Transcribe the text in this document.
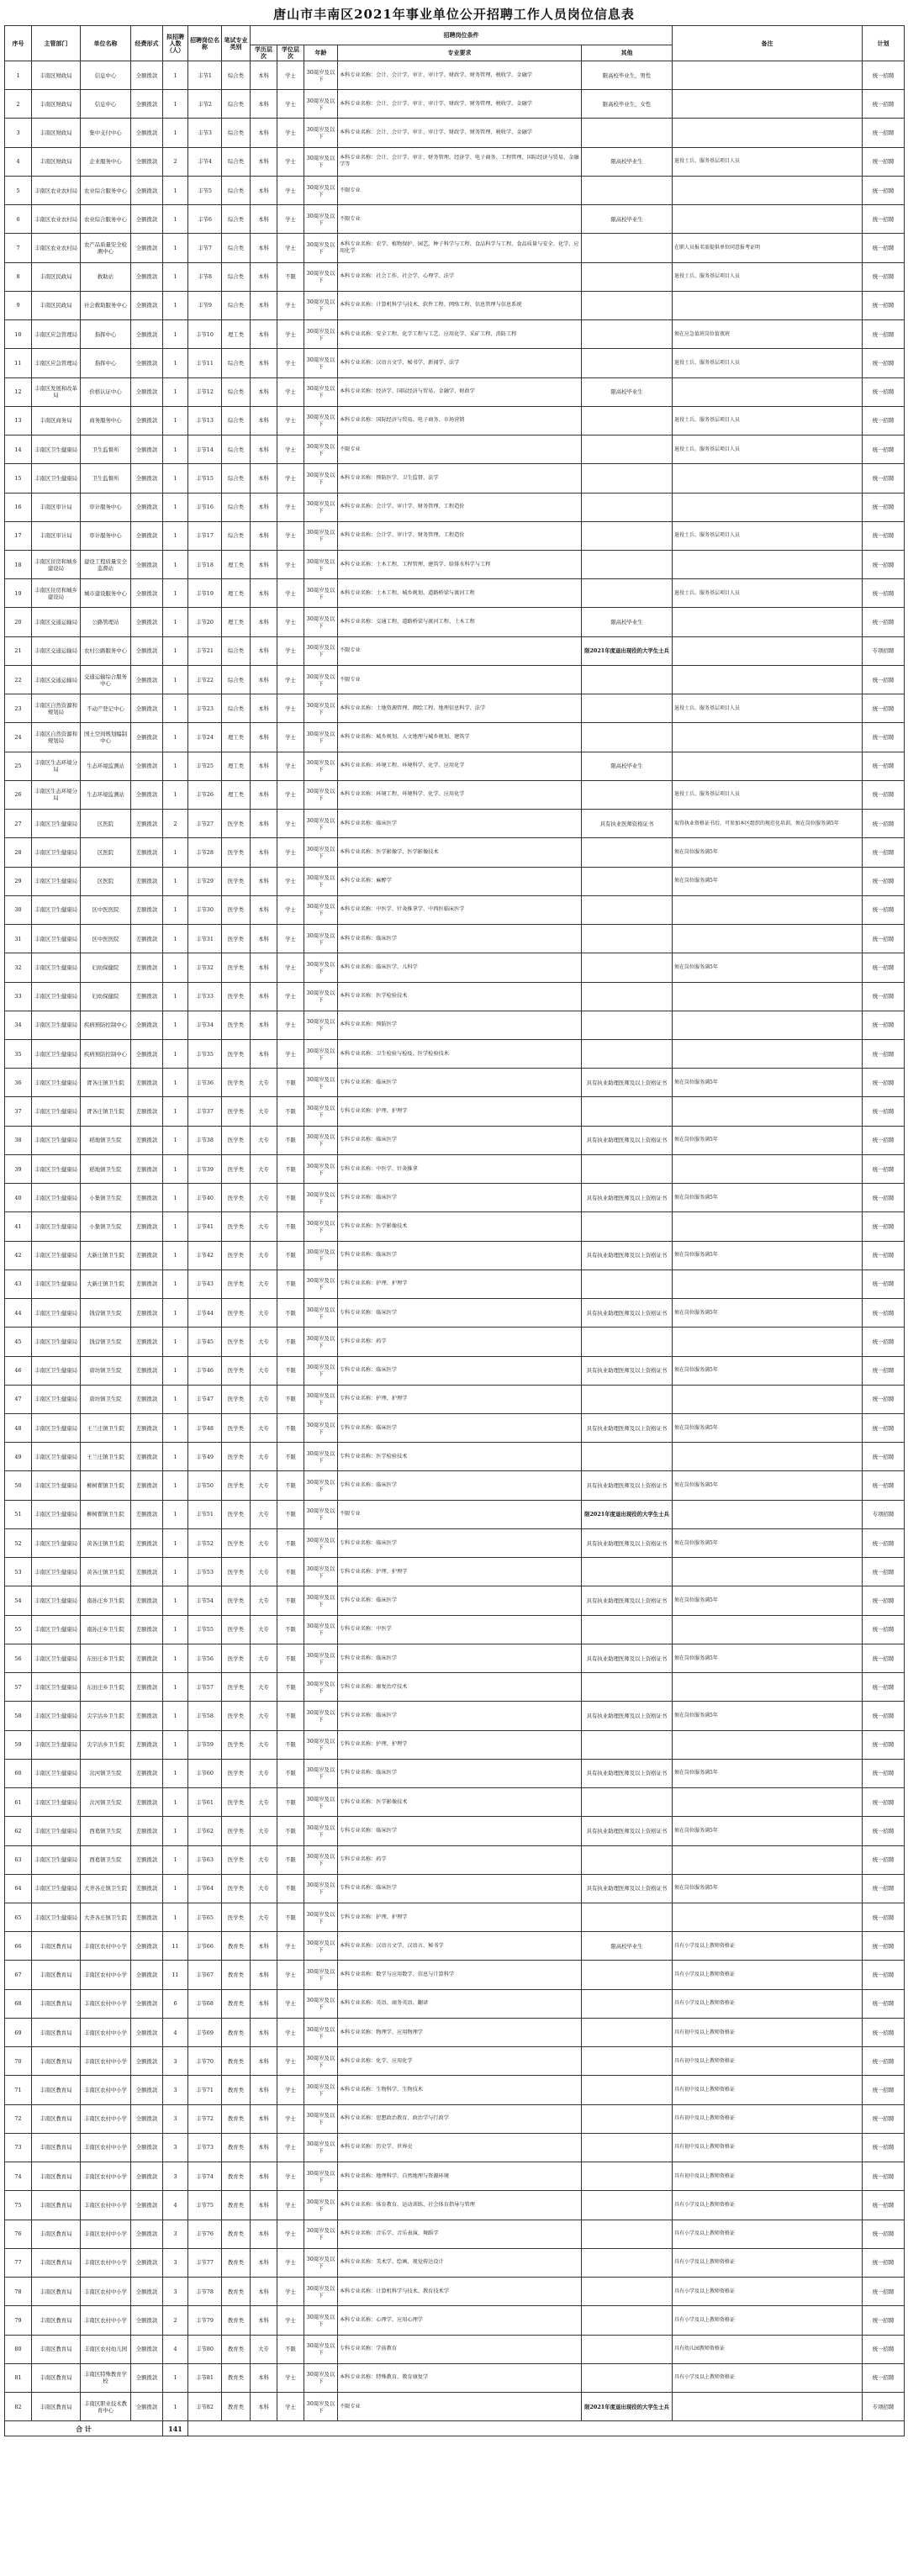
唐山市丰南区2021年事业单位公开招聘工作人员岗位信息表
序号	主管部门	单位名称	经费形式	拟招聘人数（人）	招聘岗位名称	笔试专业类别	招聘岗位条件					备注	计划
							学历层次	学位层次	年龄	专业要求	其他		
1	丰南区财政局	信息中心	全额拨款	1	丰节1	综合类	本科	学士	30周岁及以下	本科专业名称：会计、会计学、审计、审计学、财政学、财务管理、税收学、金融学	限高校毕业生，男性		统一招聘
2	丰南区财政局	信息中心	全额拨款	1	丰节2	综合类	本科	学士	30周岁及以下	本科专业名称：会计、会计学、审计、审计学、财政学、财务管理、税收学、金融学	限高校毕业生，女性		统一招聘
3	丰南区财政局	集中支付中心	全额拨款	1	丰节3	综合类	本科	学士	30周岁及以下	本科专业名称：会计、会计学、审计、审计学、财政学、财务管理、税收学、金融学			统一招聘
4	丰南区财政局	企业服务中心	全额拨款	2	丰节4	综合类	本科	学士	30周岁及以下	本科专业名称：会计、会计学、审计、财务管理、经济学、电子商务、工程管理、国际经济与贸易、金融学等	限高校毕业生	退役士兵、服务基层项目人员	统一招聘
5	丰南区农业农村局	农业综合服务中心	全额拨款	1	丰节5	综合类	本科	学士	30周岁及以下	不限专业			统一招聘
6	丰南区农业农村局	农业综合服务中心	全额拨款	1	丰节6	综合类	本科	学士	30周岁及以下	不限专业	限高校毕业生		统一招聘
7	丰南区农业农村局	农产品质量安全检测中心	全额拨款	1	丰节7	综合类	本科	学士	30周岁及以下	本科专业名称：农学、植物保护、园艺、种子科学与工程、食品科学与工程、食品质量与安全、化学、应用化学		在职人员报名需提供单位同意报考证明	统一招聘
8	丰南区民政局	救助站	全额拨款	1	丰节8	综合类	本科	不限	30周岁及以下	本科专业名称：社会工作、社会学、心理学、法学		退役士兵、服务基层项目人员	统一招聘
9	丰南区民政局	社会救助服务中心	全额拨款	1	丰节9	综合类	本科	学士	30周岁及以下	本科专业名称：计算机科学与技术、软件工程、网络工程、信息管理与信息系统			统一招聘
10	丰南区应急管理局	指挥中心	全额拨款	1	丰节10	理工类	本科	学士	30周岁及以下	本科专业名称：安全工程、化学工程与工艺、应用化学、采矿工程、消防工程		须在应急值班岗位值夜班	统一招聘
11	丰南区应急管理局	指挥中心	全额拨款	1	丰节11	综合类	本科	学士	30周岁及以下	本科专业名称：汉语言文学、秘书学、新闻学、法学		退役士兵、服务基层项目人员	统一招聘
12	丰南区发展和改革局	价格认证中心	全额拨款	1	丰节12	综合类	本科	学士	30周岁及以下	本科专业名称：经济学、国际经济与贸易、金融学、财政学	限高校毕业生		统一招聘
13	丰南区商务局	商务服务中心	全额拨款	1	丰节13	综合类	本科	学士	30周岁及以下	本科专业名称：国际经济与贸易、电子商务、市场营销		退役士兵、服务基层项目人员	统一招聘
14	丰南区卫生健康局	卫生监督所	全额拨款	1	丰节14	综合类	本科	学士	30周岁及以下	不限专业		退役士兵、服务基层项目人员	统一招聘
15	丰南区卫生健康局	卫生监督所	全额拨款	1	丰节15	综合类	本科	学士	30周岁及以下	本科专业名称：预防医学、卫生监督、法学			统一招聘
16	丰南区审计局	审计服务中心	全额拨款	1	丰节16	综合类	本科	学士	30周岁及以下	本科专业名称：会计学、审计学、财务管理、工程造价			统一招聘
17	丰南区审计局	审计服务中心	全额拨款	1	丰节17	综合类	本科	学士	30周岁及以下	本科专业名称：会计学、审计学、财务管理、工程造价		退役士兵、服务基层项目人员	统一招聘
18	丰南区住房和城乡建设局	建设工程质量安全监督站	全额拨款	1	丰节18	理工类	本科	学士	30周岁及以下	本科专业名称：土木工程、工程管理、建筑学、给排水科学与工程			统一招聘
19	丰南区住房和城乡建设局	城市建设服务中心	全额拨款	1	丰节19	理工类	本科	学士	30周岁及以下	本科专业名称：土木工程、城乡规划、道路桥梁与渡河工程		退役士兵、服务基层项目人员	统一招聘
20	丰南区交通运输局	公路管理站	全额拨款	1	丰节20	理工类	本科	学士	30周岁及以下	本科专业名称：交通工程、道路桥梁与渡河工程、土木工程	限高校毕业生		统一招聘
21	丰南区交通运输局	农村公路服务中心	全额拨款	1	丰节21	综合类	本科	学士	30周岁及以下	不限专业	限2021年度退出现役的大学生士兵		专项招聘
22	丰南区交通运输局	交通运输综合服务中心	全额拨款	1	丰节22	综合类	本科	学士	30周岁及以下	不限专业			统一招聘
23	丰南区自然资源和规划局	不动产登记中心	全额拨款	1	丰节23	综合类	本科	学士	30周岁及以下	本科专业名称：土地资源管理、测绘工程、地理信息科学、法学		退役士兵、服务基层项目人员	统一招聘
24	丰南区自然资源和规划局	国土空间规划编制中心	全额拨款	1	丰节24	理工类	本科	学士	30周岁及以下	本科专业名称：城乡规划、人文地理与城乡规划、建筑学			统一招聘
25	丰南区生态环境分局	生态环境监测站	全额拨款	1	丰节25	理工类	本科	学士	30周岁及以下	本科专业名称：环境工程、环境科学、化学、应用化学	限高校毕业生		统一招聘
26	丰南区生态环境分局	生态环境监测站	全额拨款	1	丰节26	理工类	本科	学士	30周岁及以下	本科专业名称：环境工程、环境科学、化学、应用化学		退役士兵、服务基层项目人员	统一招聘
27	丰南区卫生健康局	区医院	差额拨款	2	丰节27	医学类	本科	学士	30周岁及以下	本科专业名称：临床医学	具有执业医师资格证书	取得执业资格证书后，可参加本区组织的规范化培训，须在岗位服务满5年	统一招聘
28	丰南区卫生健康局	区医院	差额拨款	1	丰节28	医学类	本科	学士	30周岁及以下	本科专业名称：医学影像学、医学影像技术		须在岗位服务满5年	统一招聘
29	丰南区卫生健康局	区医院	差额拨款	1	丰节29	医学类	本科	学士	30周岁及以下	本科专业名称：麻醉学		须在岗位服务满5年	统一招聘
30	丰南区卫生健康局	区中医医院	差额拨款	1	丰节30	医学类	本科	学士	30周岁及以下	本科专业名称：中医学、针灸推拿学、中西医临床医学			统一招聘
31	丰南区卫生健康局	区中医医院	差额拨款	1	丰节31	医学类	本科	学士	30周岁及以下	本科专业名称：临床医学			统一招聘
32	丰南区卫生健康局	妇幼保健院	差额拨款	1	丰节32	医学类	本科	学士	30周岁及以下	本科专业名称：临床医学、儿科学		须在岗位服务满5年	统一招聘
33	丰南区卫生健康局	妇幼保健院	差额拨款	1	丰节33	医学类	本科	学士	30周岁及以下	本科专业名称：医学检验技术			统一招聘
34	丰南区卫生健康局	疾病预防控制中心	全额拨款	1	丰节34	医学类	本科	学士	30周岁及以下	本科专业名称：预防医学			统一招聘
35	丰南区卫生健康局	疾病预防控制中心	全额拨款	1	丰节35	医学类	本科	学士	30周岁及以下	本科专业名称：卫生检验与检疫、医学检验技术			统一招聘
36	丰南区卫生健康局	胥各庄镇卫生院	差额拨款	1	丰节36	医学类	大专	不限	30周岁及以下	专科专业名称：临床医学	具有执业助理医师及以上资格证书	须在岗位服务满5年	统一招聘
37	丰南区卫生健康局	胥各庄镇卫生院	差额拨款	1	丰节37	医学类	大专	不限	30周岁及以下	专科专业名称：护理、护理学			统一招聘
38	丰南区卫生健康局	稻地镇卫生院	差额拨款	1	丰节38	医学类	大专	不限	30周岁及以下	专科专业名称：临床医学	具有执业助理医师及以上资格证书	须在岗位服务满5年	统一招聘
39	丰南区卫生健康局	稻地镇卫生院	差额拨款	1	丰节39	医学类	大专	不限	30周岁及以下	专科专业名称：中医学、针灸推拿			统一招聘
40	丰南区卫生健康局	小集镇卫生院	差额拨款	1	丰节40	医学类	大专	不限	30周岁及以下	专科专业名称：临床医学	具有执业助理医师及以上资格证书	须在岗位服务满5年	统一招聘
41	丰南区卫生健康局	小集镇卫生院	差额拨款	1	丰节41	医学类	大专	不限	30周岁及以下	专科专业名称：医学影像技术			统一招聘
42	丰南区卫生健康局	大新庄镇卫生院	差额拨款	1	丰节42	医学类	大专	不限	30周岁及以下	专科专业名称：临床医学	具有执业助理医师及以上资格证书	须在岗位服务满5年	统一招聘
43	丰南区卫生健康局	大新庄镇卫生院	差额拨款	1	丰节43	医学类	大专	不限	30周岁及以下	专科专业名称：护理、护理学			统一招聘
44	丰南区卫生健康局	钱营镇卫生院	差额拨款	1	丰节44	医学类	大专	不限	30周岁及以下	专科专业名称：临床医学	具有执业助理医师及以上资格证书	须在岗位服务满5年	统一招聘
45	丰南区卫生健康局	钱营镇卫生院	差额拨款	1	丰节45	医学类	大专	不限	30周岁及以下	专科专业名称：药学			统一招聘
46	丰南区卫生健康局	唐坊镇卫生院	差额拨款	1	丰节46	医学类	大专	不限	30周岁及以下	专科专业名称：临床医学	具有执业助理医师及以上资格证书	须在岗位服务满5年	统一招聘
47	丰南区卫生健康局	唐坊镇卫生院	差额拨款	1	丰节47	医学类	大专	不限	30周岁及以下	专科专业名称：护理、护理学			统一招聘
48	丰南区卫生健康局	王兰庄镇卫生院	差额拨款	1	丰节48	医学类	大专	不限	30周岁及以下	专科专业名称：临床医学	具有执业助理医师及以上资格证书	须在岗位服务满5年	统一招聘
49	丰南区卫生健康局	王兰庄镇卫生院	差额拨款	1	丰节49	医学类	大专	不限	30周岁及以下	专科专业名称：医学检验技术			统一招聘
50	丰南区卫生健康局	柳树瞿镇卫生院	差额拨款	1	丰节50	医学类	大专	不限	30周岁及以下	专科专业名称：临床医学	具有执业助理医师及以上资格证书	须在岗位服务满5年	统一招聘
51	丰南区卫生健康局	柳树瞿镇卫生院	差额拨款	1	丰节51	医学类	大专	不限	30周岁及以下	不限专业	限2021年度退出现役的大学生士兵		专项招聘
52	丰南区卫生健康局	黄各庄镇卫生院	差额拨款	1	丰节52	医学类	大专	不限	30周岁及以下	专科专业名称：临床医学	具有执业助理医师及以上资格证书	须在岗位服务满5年	统一招聘
53	丰南区卫生健康局	黄各庄镇卫生院	差额拨款	1	丰节53	医学类	大专	不限	30周岁及以下	专科专业名称：护理、护理学			统一招聘
54	丰南区卫生健康局	南孙庄乡卫生院	差额拨款	1	丰节54	医学类	大专	不限	30周岁及以下	专科专业名称：临床医学	具有执业助理医师及以上资格证书	须在岗位服务满5年	统一招聘
55	丰南区卫生健康局	南孙庄乡卫生院	差额拨款	1	丰节55	医学类	大专	不限	30周岁及以下	专科专业名称：中医学			统一招聘
56	丰南区卫生健康局	东田庄乡卫生院	差额拨款	1	丰节56	医学类	大专	不限	30周岁及以下	专科专业名称：临床医学	具有执业助理医师及以上资格证书	须在岗位服务满5年	统一招聘
57	丰南区卫生健康局	东田庄乡卫生院	差额拨款	1	丰节57	医学类	大专	不限	30周岁及以下	专科专业名称：康复治疗技术			统一招聘
58	丰南区卫生健康局	尖字沽乡卫生院	差额拨款	1	丰节58	医学类	大专	不限	30周岁及以下	专科专业名称：临床医学	具有执业助理医师及以上资格证书	须在岗位服务满5年	统一招聘
59	丰南区卫生健康局	尖字沽乡卫生院	差额拨款	1	丰节59	医学类	大专	不限	30周岁及以下	专科专业名称：护理、护理学			统一招聘
60	丰南区卫生健康局	岔河镇卫生院	差额拨款	1	丰节60	医学类	大专	不限	30周岁及以下	专科专业名称：临床医学	具有执业助理医师及以上资格证书	须在岗位服务满5年	统一招聘
61	丰南区卫生健康局	岔河镇卫生院	差额拨款	1	丰节61	医学类	大专	不限	30周岁及以下	专科专业名称：医学影像技术			统一招聘
62	丰南区卫生健康局	西葛镇卫生院	差额拨款	1	丰节62	医学类	大专	不限	30周岁及以下	专科专业名称：临床医学	具有执业助理医师及以上资格证书	须在岗位服务满5年	统一招聘
63	丰南区卫生健康局	西葛镇卫生院	差额拨款	1	丰节63	医学类	大专	不限	30周岁及以下	专科专业名称：药学			统一招聘
64	丰南区卫生健康局	大齐各庄镇卫生院	差额拨款	1	丰节64	医学类	大专	不限	30周岁及以下	专科专业名称：临床医学	具有执业助理医师及以上资格证书	须在岗位服务满5年	统一招聘
65	丰南区卫生健康局	大齐各庄镇卫生院	差额拨款	1	丰节65	医学类	大专	不限	30周岁及以下	专科专业名称：护理、护理学			统一招聘
66	丰南区教育局	丰南区农村中小学	全额拨款	11	丰节66	教育类	本科	学士	30周岁及以下	本科专业名称：汉语言文学、汉语言、秘书学	限高校毕业生	具有小学及以上教师资格证	统一招聘
67	丰南区教育局	丰南区农村中小学	全额拨款	11	丰节67	教育类	本科	学士	30周岁及以下	本科专业名称：数学与应用数学、信息与计算科学		具有小学及以上教师资格证	统一招聘
68	丰南区教育局	丰南区农村中小学	全额拨款	6	丰节68	教育类	本科	学士	30周岁及以下	本科专业名称：英语、商务英语、翻译		具有小学及以上教师资格证	统一招聘
69	丰南区教育局	丰南区农村中小学	全额拨款	4	丰节69	教育类	本科	学士	30周岁及以下	本科专业名称：物理学、应用物理学		具有初中及以上教师资格证	统一招聘
70	丰南区教育局	丰南区农村中小学	全额拨款	3	丰节70	教育类	本科	学士	30周岁及以下	本科专业名称：化学、应用化学		具有初中及以上教师资格证	统一招聘
71	丰南区教育局	丰南区农村中小学	全额拨款	3	丰节71	教育类	本科	学士	30周岁及以下	本科专业名称：生物科学、生物技术		具有初中及以上教师资格证	统一招聘
72	丰南区教育局	丰南区农村中小学	全额拨款	3	丰节72	教育类	本科	学士	30周岁及以下	本科专业名称：思想政治教育、政治学与行政学		具有初中及以上教师资格证	统一招聘
73	丰南区教育局	丰南区农村中小学	全额拨款	3	丰节73	教育类	本科	学士	30周岁及以下	本科专业名称：历史学、世界史		具有初中及以上教师资格证	统一招聘
74	丰南区教育局	丰南区农村中小学	全额拨款	3	丰节74	教育类	本科	学士	30周岁及以下	本科专业名称：地理科学、自然地理与资源环境		具有初中及以上教师资格证	统一招聘
75	丰南区教育局	丰南区农村中小学	全额拨款	4	丰节75	教育类	本科	学士	30周岁及以下	本科专业名称：体育教育、运动训练、社会体育指导与管理		具有小学及以上教师资格证	统一招聘
76	丰南区教育局	丰南区农村中小学	全额拨款	3	丰节76	教育类	本科	学士	30周岁及以下	本科专业名称：音乐学、音乐表演、舞蹈学		具有小学及以上教师资格证	统一招聘
77	丰南区教育局	丰南区农村中小学	全额拨款	3	丰节77	教育类	本科	学士	30周岁及以下	本科专业名称：美术学、绘画、视觉传达设计		具有小学及以上教师资格证	统一招聘
78	丰南区教育局	丰南区农村中小学	全额拨款	3	丰节78	教育类	本科	学士	30周岁及以下	本科专业名称：计算机科学与技术、教育技术学		具有小学及以上教师资格证	统一招聘
79	丰南区教育局	丰南区农村中小学	全额拨款	2	丰节79	教育类	本科	学士	30周岁及以下	本科专业名称：心理学、应用心理学		具有小学及以上教师资格证	统一招聘
80	丰南区教育局	丰南区农村幼儿园	全额拨款	4	丰节80	教育类	大专	不限	30周岁及以下	专科专业名称：学前教育		具有幼儿园教师资格证	统一招聘
81	丰南区教育局	丰南区特殊教育学校	全额拨款	1	丰节81	教育类	本科	学士	30周岁及以下	本科专业名称：特殊教育、教育康复学		具有小学及以上教师资格证	统一招聘
82	丰南区教育局	丰南区职业技术教育中心	全额拨款	1	丰节82	教育类	本科	学士	30周岁及以下	不限专业	限2021年度退出现役的大学生士兵		专项招聘
合 计				141									
